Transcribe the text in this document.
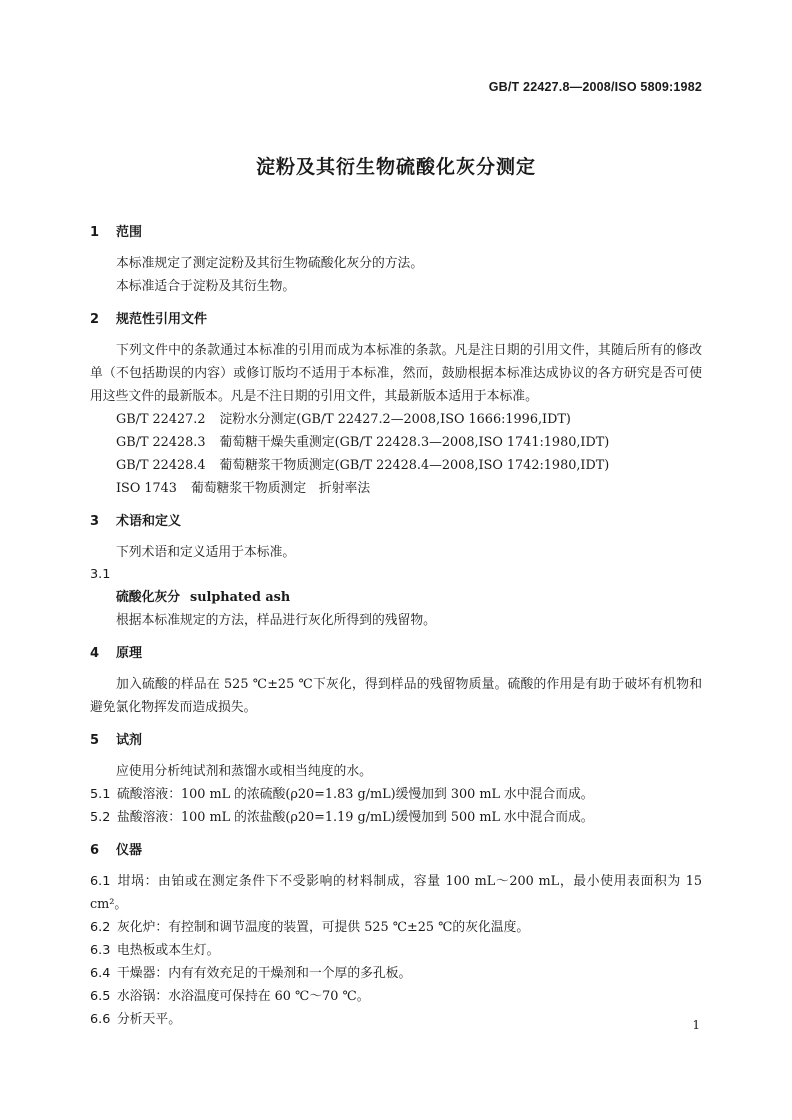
GB/T 22427.8—2008/ISO 5809:1982
淀粉及其衍生物硫酸化灰分测定
1 范围

本标准规定了测定淀粉及其衍生物硫酸化灰分的方法。

本标准适合于淀粉及其衍生物。

2 规范性引用文件

下列文件中的条款通过本标准的引用而成为本标准的条款。凡是注日期的引用文件，其随后所有的修改单（不包括勘误的内容）或修订版均不适用于本标准，然而，鼓励根据本标准达成协议的各方研究是否可使用这些文件的最新版本。凡是不注日期的引用文件，其最新版本适用于本标准。

GB/T 22427.2 淀粉水分测定(GB/T 22427.2—2008,ISO 1666:1996,IDT)

GB/T 22428.3 葡萄糖干燥失重测定(GB/T 22428.3—2008,ISO 1741:1980,IDT)

GB/T 22428.4 葡萄糖浆干物质测定(GB/T 22428.4—2008,ISO 1742:1980,IDT)

ISO 1743 葡萄糖浆干物质测定　折射率法

3 术语和定义

下列术语和定义适用于本标准。

3.1

硫酸化灰分 sulphated ash

根据本标准规定的方法，样品进行灰化所得到的残留物。

4 原理

加入硫酸的样品在 525 ℃±25 ℃下灰化，得到样品的残留物质量。硫酸的作用是有助于破坏有机物和避免氯化物挥发而造成损失。

5 试剂

应使用分析纯试剂和蒸馏水或相当纯度的水。

5.1 硫酸溶液：100 mL 的浓硫酸(ρ20=1.83 g/mL)缓慢加到 300 mL 水中混合而成。

5.2 盐酸溶液：100 mL 的浓盐酸(ρ20=1.19 g/mL)缓慢加到 500 mL 水中混合而成。

6 仪器

6.1 坩埚：由铂或在测定条件下不受影响的材料制成，容量 100 mL～200 mL，最小使用表面积为 15 cm²。

6.2 灰化炉：有控制和调节温度的装置，可提供 525 ℃±25 ℃的灰化温度。

6.3 电热板或本生灯。

6.4 干燥器：内有有效充足的干燥剂和一个厚的多孔板。

6.5 水浴锅：水浴温度可保持在 60 ℃～70 ℃。

6.6 分析天平。	1
